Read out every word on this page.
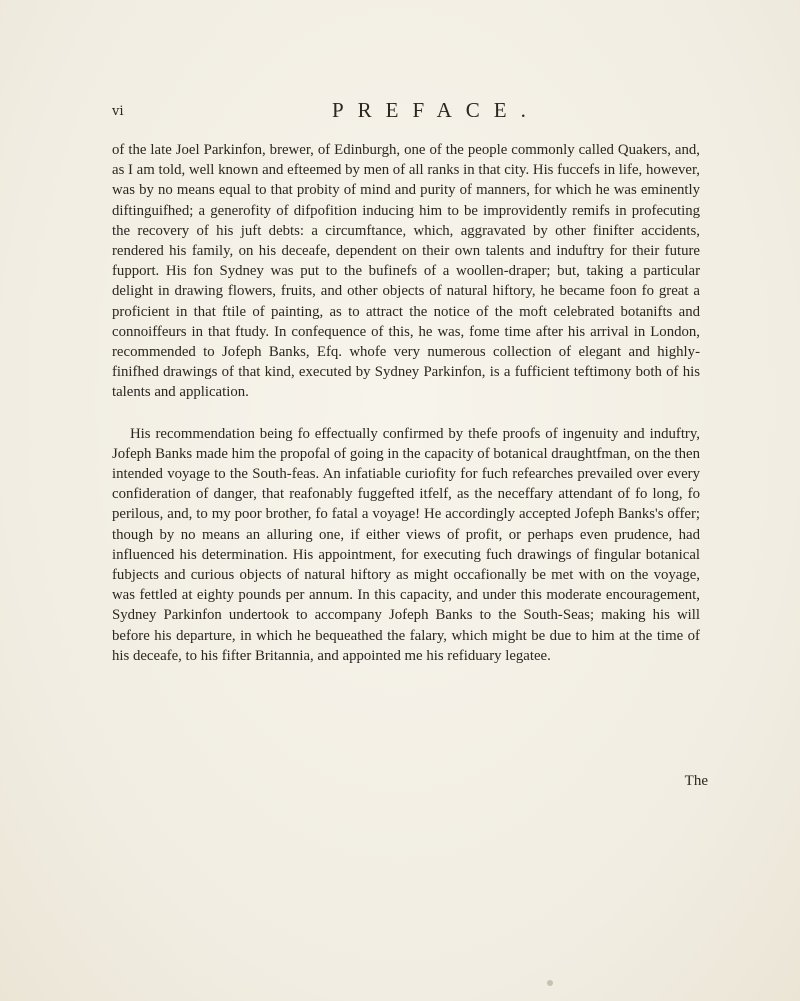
vi	PREFACE.

of the late Joel Parkinfon, brewer, of Edinburgh, one of the people commonly called Quakers, and, as I am told, well known and efteemed by men of all ranks in that city. His fuccefs in life, however, was by no means equal to that probity of mind and purity of manners, for which he was eminently diftinguifhed; a generofity of difpofition inducing him to be improvidently remifs in profecuting the recovery of his juft debts: a circumftance, which, aggravated by other finifter accidents, rendered his family, on his deceafe, dependent on their own talents and induftry for their future fupport. His fon Sydney was put to the bufinefs of a woollen-draper; but, taking a particular delight in drawing flowers, fruits, and other objects of natural hiftory, he became foon fo great a proficient in that ftile of painting, as to attract the notice of the moft celebrated botanifts and connoiffeurs in that ftudy. In confequence of this, he was, fome time after his arrival in London, recommended to Jofeph Banks, Efq. whofe very numerous collection of elegant and highly-finifhed drawings of that kind, executed by Sydney Parkinfon, is a fufficient teftimony both of his talents and application.

His recommendation being fo effectually confirmed by thefe proofs of ingenuity and induftry, Jofeph Banks made him the propofal of going in the capacity of botanical draughtfman, on the then intended voyage to the South-feas. An infatiable curiofity for fuch refearches prevailed over every confideration of danger, that reafonably fuggefted itfelf, as the neceffary attendant of fo long, fo perilous, and, to my poor brother, fo fatal a voyage! He accordingly accepted Jofeph Banks's offer; though by no means an alluring one, if either views of profit, or perhaps even prudence, had influenced his determination. His appointment, for executing fuch drawings of fingular botanical fubjects and curious objects of natural hiftory as might occafionally be met with on the voyage, was fettled at eighty pounds per annum. In this capacity, and under this moderate encouragement, Sydney Parkinfon undertook to accompany Jofeph Banks to the South-Seas; making his will before his departure, in which he bequeathed the falary, which might be due to him at the time of his deceafe, to his fifter Britannia, and appointed me his refiduary legatee.

The
